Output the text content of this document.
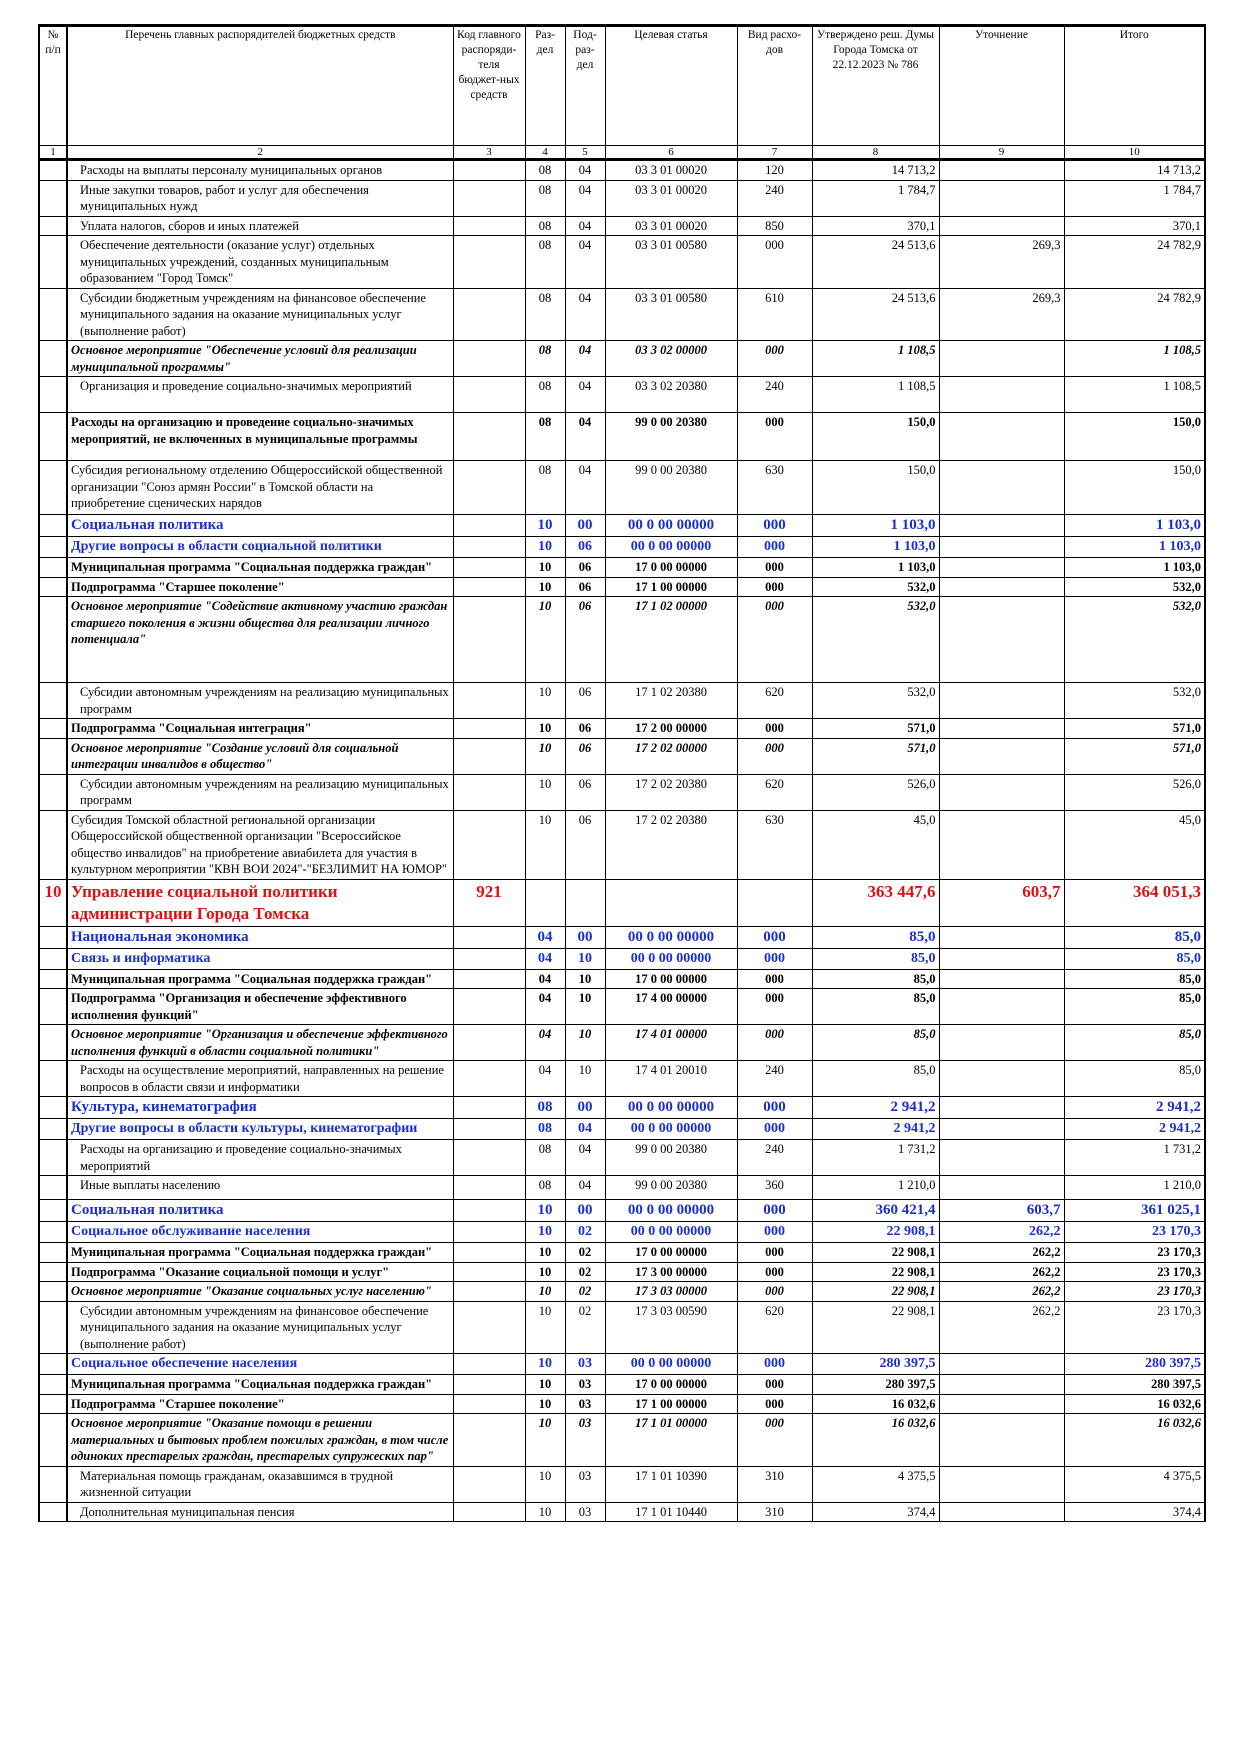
№ п/п	Перечень главных распорядителей бюджетных средств	Код главного распоряди-теля бюджет-ных средств	Раз-дел	Под-раз-дел	Целевая статья	Вид расхо-дов	Утверждено реш. Думы Города Томска от 22.12.2023 № 786	Уточнение	Итого
1	2	3	4	5	6	7	8	9	10
	Расходы на выплаты персоналу муниципальных органов		08	04	03 3 01 00020	120	14 713,2		14 713,2
	Иные закупки товаров, работ и услуг для обеспечения муниципальных нужд		08	04	03 3 01 00020	240	1 784,7		1 784,7
	Уплата налогов, сборов и иных платежей		08	04	03 3 01 00020	850	370,1		370,1
	Обеспечение деятельности (оказание услуг) отдельных муниципальных учреждений, созданных муниципальным образованием "Город Томск"		08	04	03 3 01 00580	000	24 513,6	269,3	24 782,9
	Субсидии бюджетным учреждениям на финансовое обеспечение муниципального задания на оказание муниципальных услуг (выполнение работ)		08	04	03 3 01 00580	610	24 513,6	269,3	24 782,9
	Основное мероприятие "Обеспечение условий для реализации муниципальной программы"		08	04	03 3 02 00000	000	1 108,5		1 108,5
	Организация и проведение социально-значимых мероприятий		08	04	03 3 02 20380	240	1 108,5		1 108,5
	Расходы на организацию и проведение социально-значимых мероприятий, не включенных в муниципальные программы		08	04	99 0 00 20380	000	150,0		150,0
	Субсидия региональному отделению Общероссийской общественной организации "Союз армян России" в Томской области на приобретение сценических нарядов		08	04	99 0 00 20380	630	150,0		150,0
	Социальная политика		10	00	00 0 00 00000	000	1 103,0		1 103,0
	Другие вопросы в области социальной политики		10	06	00 0 00 00000	000	1 103,0		1 103,0
	Муниципальная программа "Социальная поддержка граждан"		10	06	17 0 00 00000	000	1 103,0		1 103,0
	Подпрограмма "Старшее поколение"		10	06	17 1 00 00000	000	532,0		532,0
	Основное мероприятие "Содействие активному участию граждан старшего поколения в жизни общества для реализации личного потенциала"		10	06	17 1 02 00000	000	532,0		532,0
	Субсидии автономным учреждениям на реализацию муниципальных программ		10	06	17 1 02 20380	620	532,0		532,0
	Подпрограмма "Социальная интеграция"		10	06	17 2 00 00000	000	571,0		571,0
	Основное мероприятие "Создание условий для социальной интеграции инвалидов в общество"		10	06	17 2 02 00000	000	571,0		571,0
	Субсидии автономным учреждениям на реализацию муниципальных программ		10	06	17 2 02 20380	620	526,0		526,0
	Субсидия Томской областной региональной организации Общероссийской общественной организации "Всероссийское общество инвалидов" на приобретение авиабилета для участия в культурном мероприятии "КВН ВОИ 2024"-"БЕЗЛИМИТ НА ЮМОР"		10	06	17 2 02 20380	630	45,0		45,0
10	Управление социальной политики администрации Города Томска	921					363 447,6	603,7	364 051,3
	Национальная экономика		04	00	00 0 00 00000	000	85,0		85,0
	Связь и информатика		04	10	00 0 00 00000	000	85,0		85,0
	Муниципальная программа "Социальная поддержка граждан"		04	10	17 0 00 00000	000	85,0		85,0
	Подпрограмма "Организация и обеспечение эффективного исполнения функций"		04	10	17 4 00 00000	000	85,0		85,0
	Основное мероприятие "Организация и обеспечение эффективного исполнения функций в области социальной политики"		04	10	17 4 01 00000	000	85,0		85,0
	Расходы на осуществление мероприятий, направленных на решение вопросов в области связи и информатики		04	10	17 4 01 20010	240	85,0		85,0
	Культура, кинематография		08	00	00 0 00 00000	000	2 941,2		2 941,2
	Другие вопросы в области культуры, кинематографии		08	04	00 0 00 00000	000	2 941,2		2 941,2
	Расходы на организацию и проведение социально-значимых мероприятий		08	04	99 0 00 20380	240	1 731,2		1 731,2
	Иные выплаты населению		08	04	99 0 00 20380	360	1 210,0		1 210,0
	Социальная политика		10	00	00 0 00 00000	000	360 421,4	603,7	361 025,1
	Социальное обслуживание населения		10	02	00 0 00 00000	000	22 908,1	262,2	23 170,3
	Муниципальная программа "Социальная поддержка граждан"		10	02	17 0 00 00000	000	22 908,1	262,2	23 170,3
	Подпрограмма "Оказание социальной помощи и услуг"		10	02	17 3 00 00000	000	22 908,1	262,2	23 170,3
	Основное мероприятие "Оказание социальных услуг населению"		10	02	17 3 03 00000	000	22 908,1	262,2	23 170,3
	Субсидии автономным учреждениям на финансовое обеспечение муниципального задания на оказание муниципальных услуг (выполнение работ)		10	02	17 3 03 00590	620	22 908,1	262,2	23 170,3
	Социальное обеспечение населения		10	03	00 0 00 00000	000	280 397,5		280 397,5
	Муниципальная программа "Социальная поддержка граждан"		10	03	17 0 00 00000	000	280 397,5		280 397,5
	Подпрограмма "Старшее поколение"		10	03	17 1 00 00000	000	16 032,6		16 032,6
	Основное мероприятие "Оказание помощи в решении материальных и бытовых проблем пожилых граждан, в том числе одиноких престарелых граждан, престарелых супружеских пар"		10	03	17 1 01 00000	000	16 032,6		16 032,6
	Материальная помощь гражданам, оказавшимся в трудной жизненной ситуации		10	03	17 1 01 10390	310	4 375,5		4 375,5
	Дополнительная муниципальная пенсия		10	03	17 1 01 10440	310	374,4		374,4
